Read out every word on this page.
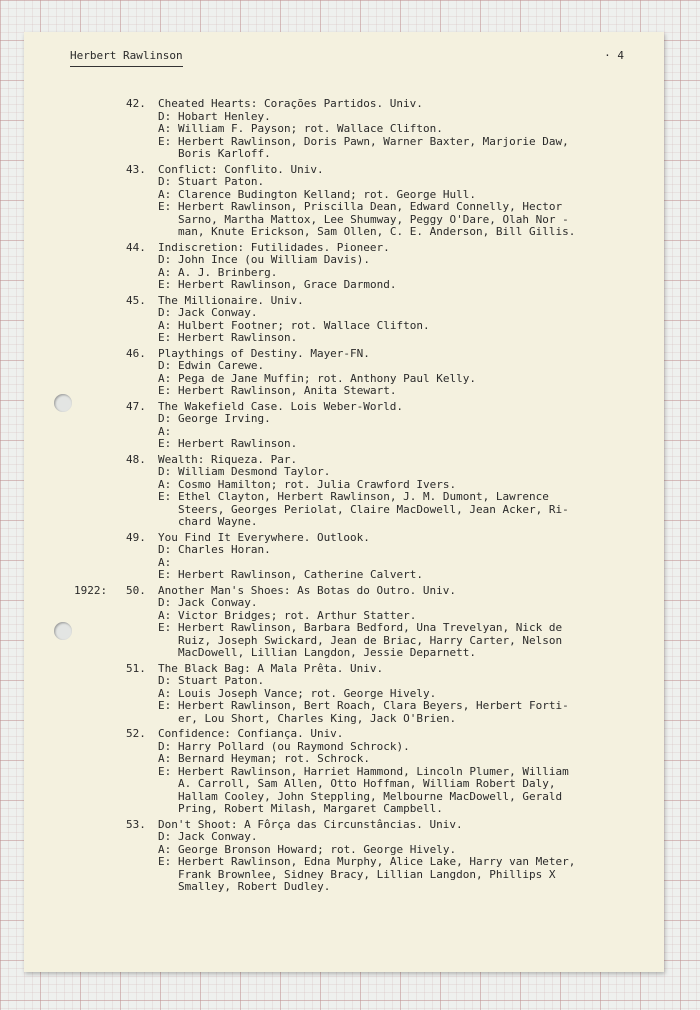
Herbert Rawlinson	· 4
42. Cheated Hearts: Corações Partidos. Univ.
D: Hobart Henley.
A: William F. Payson; rot. Wallace Clifton.
E: Herbert Rawlinson, Doris Pawn, Warner Baxter, Marjorie Daw,
Boris Karloff.
43. Conflict: Conflito. Univ.
D: Stuart Paton.
A: Clarence Budington Kelland; rot. George Hull.
E: Herbert Rawlinson, Priscilla Dean, Edward Connelly, Hector
Sarno, Martha Mattox, Lee Shumway, Peggy O'Dare, Olah Nor -
man, Knute Erickson, Sam Ollen, C. E. Anderson, Bill Gillis.
44. Indiscretion: Futilidades. Pioneer.
D: John Ince (ou William Davis).
A: A. J. Brinberg.
E: Herbert Rawlinson, Grace Darmond.
45. The Millionaire. Univ.
D: Jack Conway.
A: Hulbert Footner; rot. Wallace Clifton.
E: Herbert Rawlinson.
46. Playthings of Destiny. Mayer-FN.
D: Edwin Carewe.
A: Pega de Jane Muffin; rot. Anthony Paul Kelly.
E: Herbert Rawlinson, Anita Stewart.
47. The Wakefield Case. Lois Weber-World.
D: George Irving.
A:

E: Herbert Rawlinson.
48. Wealth: Riqueza. Par.
D: William Desmond Taylor.
A: Cosmo Hamilton; rot. Julia Crawford Ivers.
E: Ethel Clayton, Herbert Rawlinson, J. M. Dumont, Lawrence
Steers, Georges Periolat, Claire MacDowell, Jean Acker, Ri-
chard Wayne.
49. You Find It Everywhere. Outlook.
D: Charles Horan.
A:

E: Herbert Rawlinson, Catherine Calvert.
1922: 50. Another Man's Shoes: As Botas do Outro. Univ.
D: Jack Conway.
A: Victor Bridges; rot. Arthur Statter.
E: Herbert Rawlinson, Barbara Bedford, Una Trevelyan, Nick de
Ruiz, Joseph Swickard, Jean de Briac, Harry Carter, Nelson
MacDowell, Lillian Langdon, Jessie Deparnett.
51. The Black Bag: A Mala Prêta. Univ.
D: Stuart Paton.
A: Louis Joseph Vance; rot. George Hively.
E: Herbert Rawlinson, Bert Roach, Clara Beyers, Herbert Forti-
er, Lou Short, Charles King, Jack O'Brien.
52. Confidence: Confiança. Univ.
D: Harry Pollard (ou Raymond Schrock).
A: Bernard Heyman; rot. Schrock.
E: Herbert Rawlinson, Harriet Hammond, Lincoln Plumer, William
A. Carroll, Sam Allen, Otto Hoffman, William Robert Daly,
Hallam Cooley, John Steppling, Melbourne MacDowell, Gerald
Pring, Robert Milash, Margaret Campbell.
53. Don't Shoot: A Fôrça das Circunstâncias. Univ.
D: Jack Conway.
A: George Bronson Howard; rot. George Hively.
E: Herbert Rawlinson, Edna Murphy, Alice Lake, Harry van Meter,
Frank Brownlee, Sidney Bracy, Lillian Langdon, Phillips X
Smalley, Robert Dudley.
